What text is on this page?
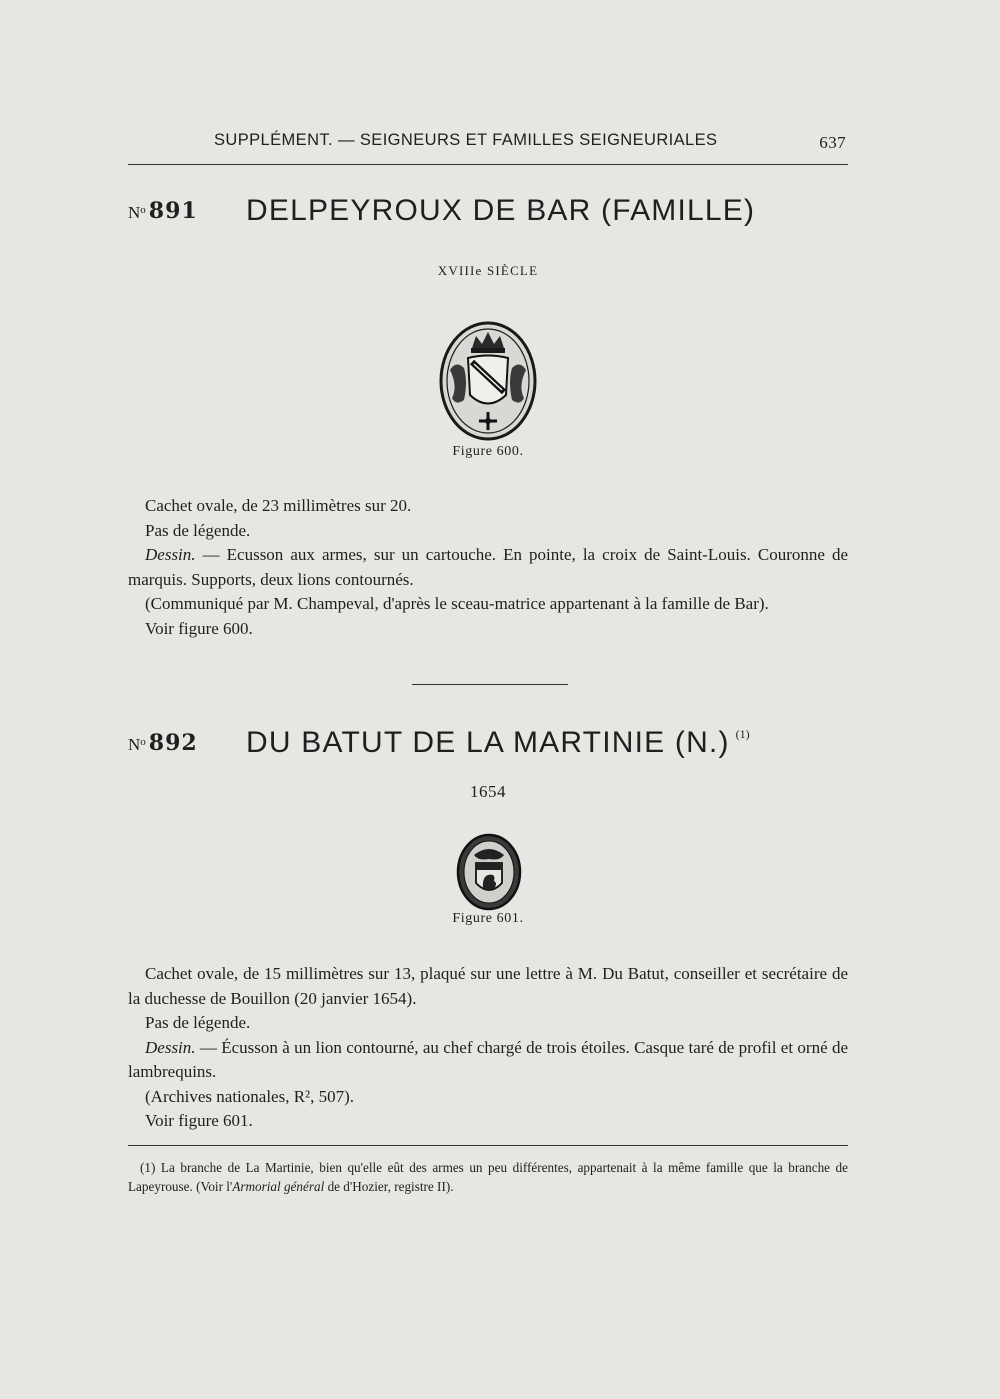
SUPPLÉMENT. — SEIGNEURS ET FAMILLES SEIGNEURIALES	637
$N^o$ 891 DELPEYROUX DE BAR (FAMILLE)
XVIIIe SIÈCLE
Figure 600.

Cachet ovale, de 23 millimètres sur 20.

Pas de légende.

Dessin. — Ecusson aux armes, sur un cartouche. En pointe, la croix de Saint-Louis. Couronne de marquis. Supports, deux lions contournés.

(Communiqué par M. Champeval, d'après le sceau-matrice appartenant à la famille de Bar).

Voir figure 600.

$N^o$ 892 DU BATUT DE LA MARTINIE (N.) $^{(1)}$
1654
Figure 601.

Cachet ovale, de 15 millimètres sur 13, plaqué sur une lettre à M. Du Batut, conseiller et secrétaire de la duchesse de Bouillon (20 janvier 1654).

Pas de légende.

Dessin. — Écusson à un lion contourné, au chef chargé de trois étoiles. Casque taré de profil et orné de lambrequins.

(Archives nationales, R², 507).

Voir figure 601.

(1) La branche de La Martinie, bien qu'elle eût des armes un peu différentes, appartenait à la même famille que la branche de Lapeyrouse. (Voir l'Armorial général de d'Hozier, registre II).
